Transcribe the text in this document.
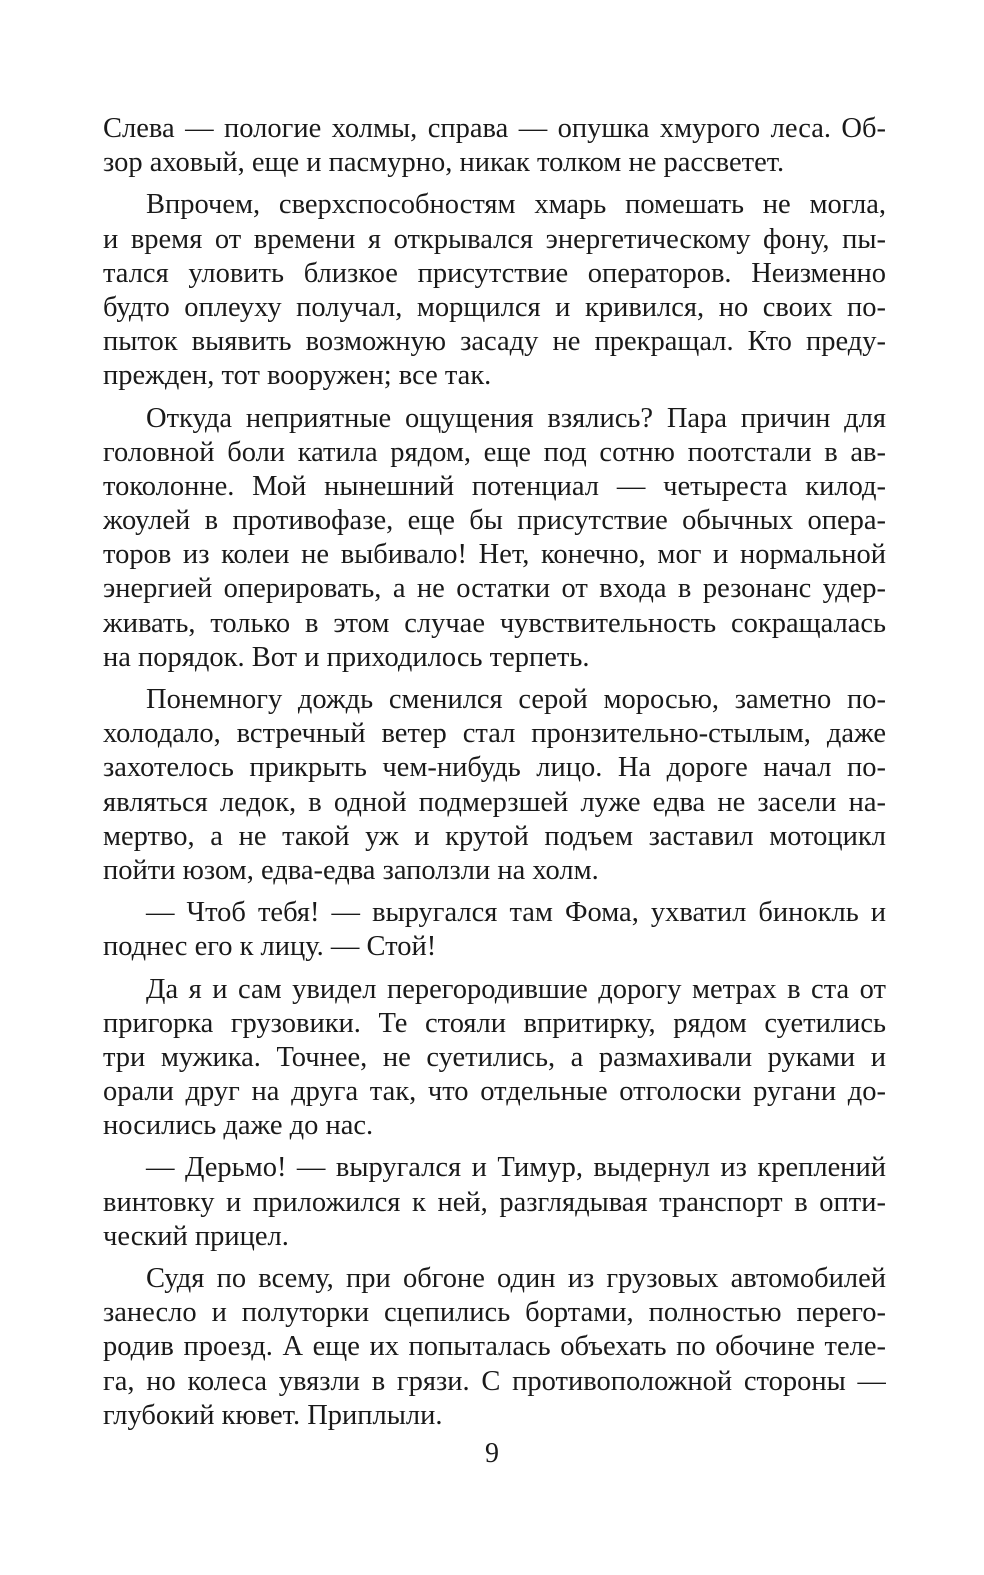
Слева — пологие холмы, справа — опушка хмурого леса. Об-
зор аховый, еще и пасмурно, никак толком не рассветет.

Впрочем, сверхспособностям хмарь помешать не могла,
и время от времени я открывался энергетическому фону, пы-
тался уловить близкое присутствие операторов. Неизменно
будто оплеуху получал, морщился и кривился, но своих по-
пыток выявить возможную засаду не прекращал. Кто преду-
прежден, тот вооружен; все так.

Откуда неприятные ощущения взялись? Пара причин для
головной боли катила рядом, еще под сотню поотстали в ав-
токолонне. Мой нынешний потенциал — четыреста килод-
жоулей в противофазе, еще бы присутствие обычных опера-
торов из колеи не выбивало! Нет, конечно, мог и нормальной
энергией оперировать, а не остатки от входа в резонанс удер-
живать, только в этом случае чувствительность сокращалась
на порядок. Вот и приходилось терпеть.

Понемногу дождь сменился серой моросью, заметно по-
холодало, встречный ветер стал пронзительно-стылым, даже
захотелось прикрыть чем-нибудь лицо. На дороге начал по-
являться ледок, в одной подмерзшей луже едва не засели на-
мертво, а не такой уж и крутой подъем заставил мотоцикл
пойти юзом, едва-едва заползли на холм.

— Чтоб тебя! — выругался там Фома, ухватил бинокль и
поднес его к лицу. — Стой!

Да я и сам увидел перегородившие дорогу метрах в ста от
пригорка грузовики. Те стояли впритирку, рядом суетились
три мужика. Точнее, не суетились, а размахивали руками и
орали друг на друга так, что отдельные отголоски ругани до-
носились даже до нас.

— Дерьмо! — выругался и Тимур, выдернул из креплений
винтовку и приложился к ней, разглядывая транспорт в опти-
ческий прицел.

Судя по всему, при обгоне один из грузовых автомобилей
занесло и полуторки сцепились бортами, полностью перего-
родив проезд. А еще их попыталась объехать по обочине теле-
га, но колеса увязли в грязи. С противоположной стороны —
глубокий кювет. Приплыли.

9
